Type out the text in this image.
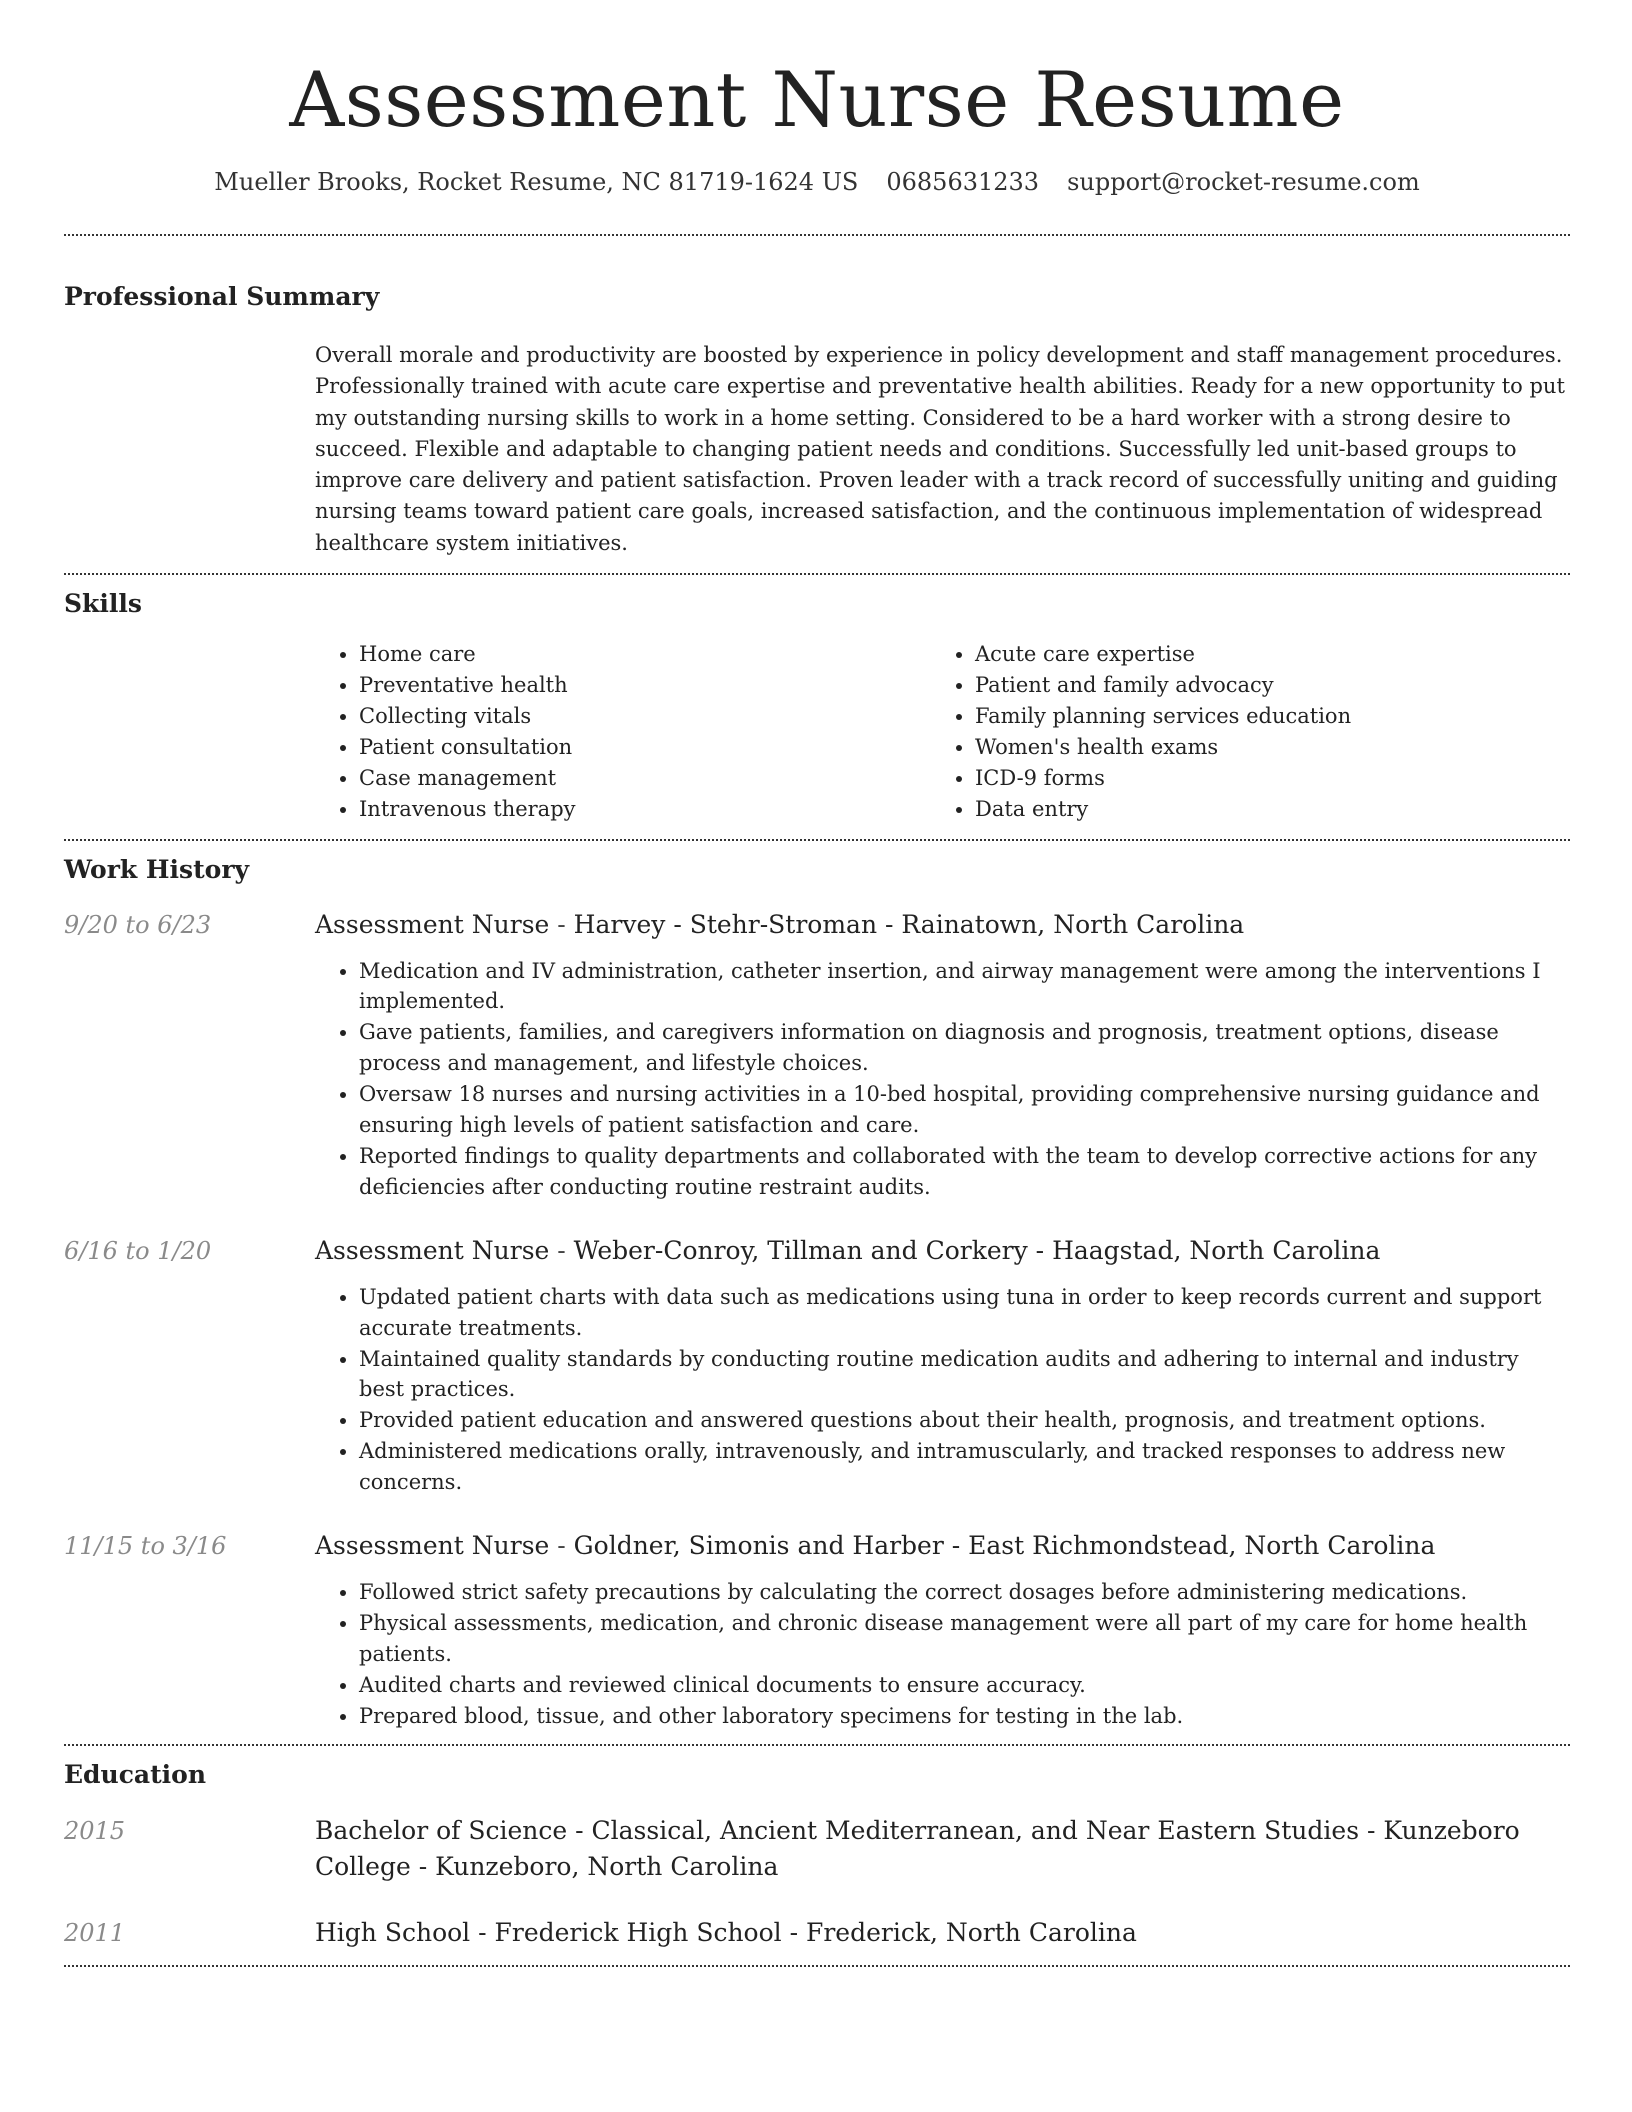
Assessment Nurse Resume
Mueller Brooks, Rocket Resume, NC 81719-1624 US 0685631233 support@rocket-resume.com
Professional Summary
Overall morale and productivity are boosted by experience in policy development and staff management procedures. Professionally trained with acute care expertise and preventative health abilities. Ready for a new opportunity to put my outstanding nursing skills to work in a home setting. Considered to be a hard worker with a strong desire to succeed. Flexible and adaptable to changing patient needs and conditions. Successfully led unit-based groups to improve care delivery and patient satisfaction. Proven leader with a track record of successfully uniting and guiding nursing teams toward patient care goals, increased satisfaction, and the continuous implementation of widespread healthcare system initiatives.
Skills
• Home care
• Preventative health
• Collecting vitals
• Patient consultation
• Case management
• Intravenous therapy
• Acute care expertise
• Patient and family advocacy
• Family planning services education
• Women's health exams
• ICD-9 forms
• Data entry
Work History
9/20 to 6/23	Assessment Nurse - Harvey - Stehr-Stroman - Rainatown, North Carolina
• Medication and IV administration, catheter insertion, and airway management were among the interventions I implemented.
• Gave patients, families, and caregivers information on diagnosis and prognosis, treatment options, disease process and management, and lifestyle choices.
• Oversaw 18 nurses and nursing activities in a 10-bed hospital, providing comprehensive nursing guidance and ensuring high levels of patient satisfaction and care.
• Reported findings to quality departments and collaborated with the team to develop corrective actions for any deficiencies after conducting routine restraint audits.
6/16 to 1/20	Assessment Nurse - Weber-Conroy, Tillman and Corkery - Haagstad, North Carolina
• Updated patient charts with data such as medications using tuna in order to keep records current and support accurate treatments.
• Maintained quality standards by conducting routine medication audits and adhering to internal and industry best practices.
• Provided patient education and answered questions about their health, prognosis, and treatment options.
• Administered medications orally, intravenously, and intramuscularly, and tracked responses to address new concerns.
11/15 to 3/16	Assessment Nurse - Goldner, Simonis and Harber - East Richmondstead, North Carolina
• Followed strict safety precautions by calculating the correct dosages before administering medications.
• Physical assessments, medication, and chronic disease management were all part of my care for home health patients.
• Audited charts and reviewed clinical documents to ensure accuracy.
• Prepared blood, tissue, and other laboratory specimens for testing in the lab.
Education
2015	Bachelor of Science - Classical, Ancient Mediterranean, and Near Eastern Studies - Kunzeboro College - Kunzeboro, North Carolina
2011	High School - Frederick High School - Frederick, North Carolina
